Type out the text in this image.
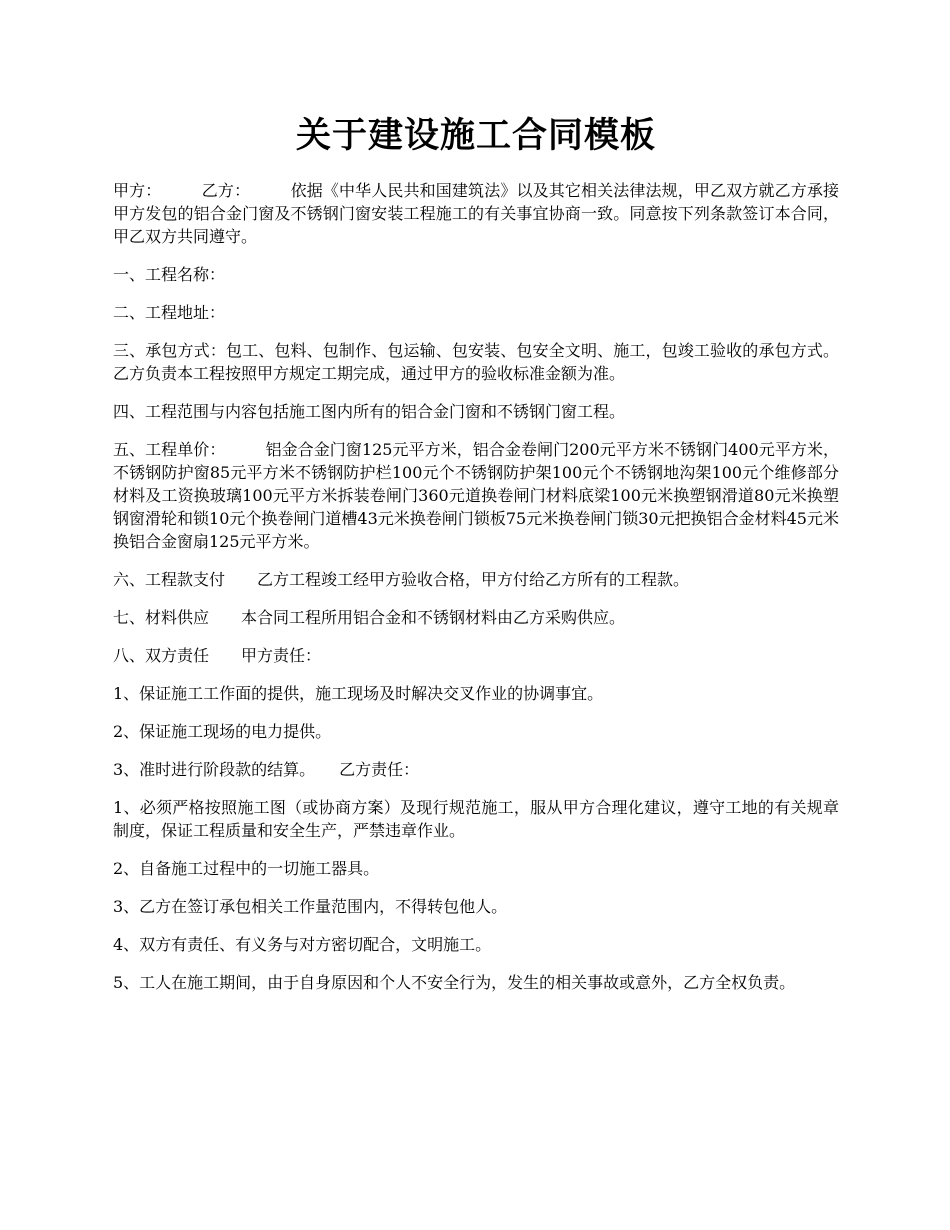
关于建设施工合同模板

甲方：　　　乙方：　　　依据《中华人民共和国建筑法》以及其它相关法律法规，甲乙双方就乙方承接甲方发包的铝合金门窗及不锈钢门窗安装工程施工的有关事宜协商一致。同意按下列条款签订本合同，甲乙双方共同遵守。

一、工程名称：

二、工程地址：

三、承包方式：包工、包料、包制作、包运输、包安装、包安全文明、施工，包竣工验收的承包方式。乙方负责本工程按照甲方规定工期完成，通过甲方的验收标准金额为准。

四、工程范围与内容包括施工图内所有的铝合金门窗和不锈钢门窗工程。

五、工程单价：　　　铝金合金门窗125元平方米，铝合金卷闸门200元平方米不锈钢门400元平方米，不锈钢防护窗85元平方米不锈钢防护栏100元个不锈钢防护架100元个不锈钢地沟架100元个维修部分材料及工资换玻璃100元平方米拆装卷闸门360元道换卷闸门材料底梁100元米换塑钢滑道80元米换塑钢窗滑轮和锁10元个换卷闸门道槽43元米换卷闸门锁板75元米换卷闸门锁30元把换铝合金材料45元米换铝合金窗扇125元平方米。

六、工程款支付　　乙方工程竣工经甲方验收合格，甲方付给乙方所有的工程款。

七、材料供应　　本合同工程所用铝合金和不锈钢材料由乙方采购供应。

八、双方责任　　甲方责任：

1、保证施工工作面的提供，施工现场及时解决交叉作业的协调事宜。

2、保证施工现场的电力提供。

3、准时进行阶段款的结算。　　乙方责任：

1、必须严格按照施工图（或协商方案）及现行规范施工，服从甲方合理化建议，遵守工地的有关规章制度，保证工程质量和安全生产，严禁违章作业。

2、自备施工过程中的一切施工器具。

3、乙方在签订承包相关工作量范围内，不得转包他人。

4、双方有责任、有义务与对方密切配合，文明施工。

5、工人在施工期间，由于自身原因和个人不安全行为，发生的相关事故或意外，乙方全权负责。
